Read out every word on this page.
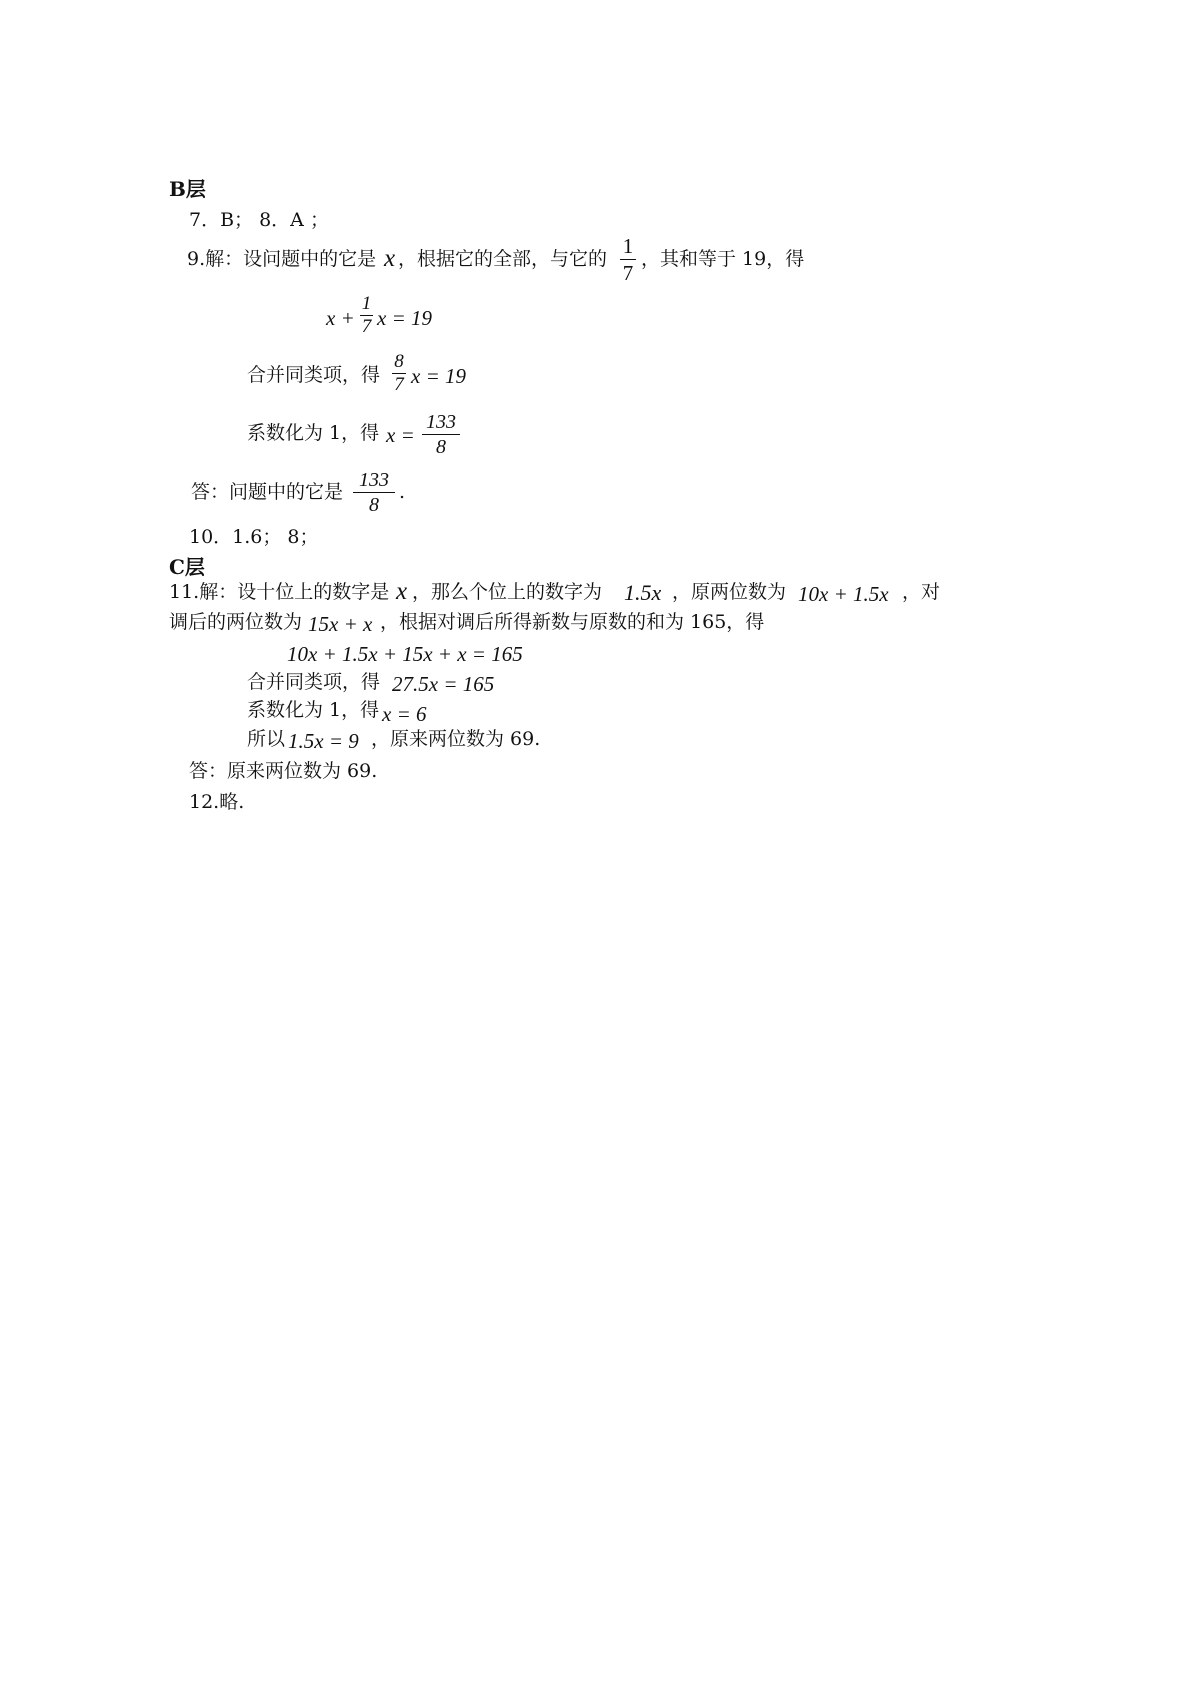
B层
7．B； 8．A ；
9.解：设问题中的它是 x ，根据它的全部，与它的
1
7
，其和等于 19，得
x +
1
7 x = 19
合并同类项，得
8
7 x = 19
系数化为 1，得 x =
133
8
答：问题中的它是
133
8
.
10．1.6； 8；
C层
11.解：设十位上的数字是 x ，那么个位上的数字为 1.5x ，原两位数为 10x + 1.5x ，对
调后的两位数为 15x + x ，根据对调后所得新数与原数的和为 165，得
10x + 1.5x + 15x + x = 165
合并同类项，得 27.5x = 165
系数化为 1，得 x = 6
所以 1.5x = 9 ，原来两位数为 69.
答：原来两位数为 69.
12.略.
